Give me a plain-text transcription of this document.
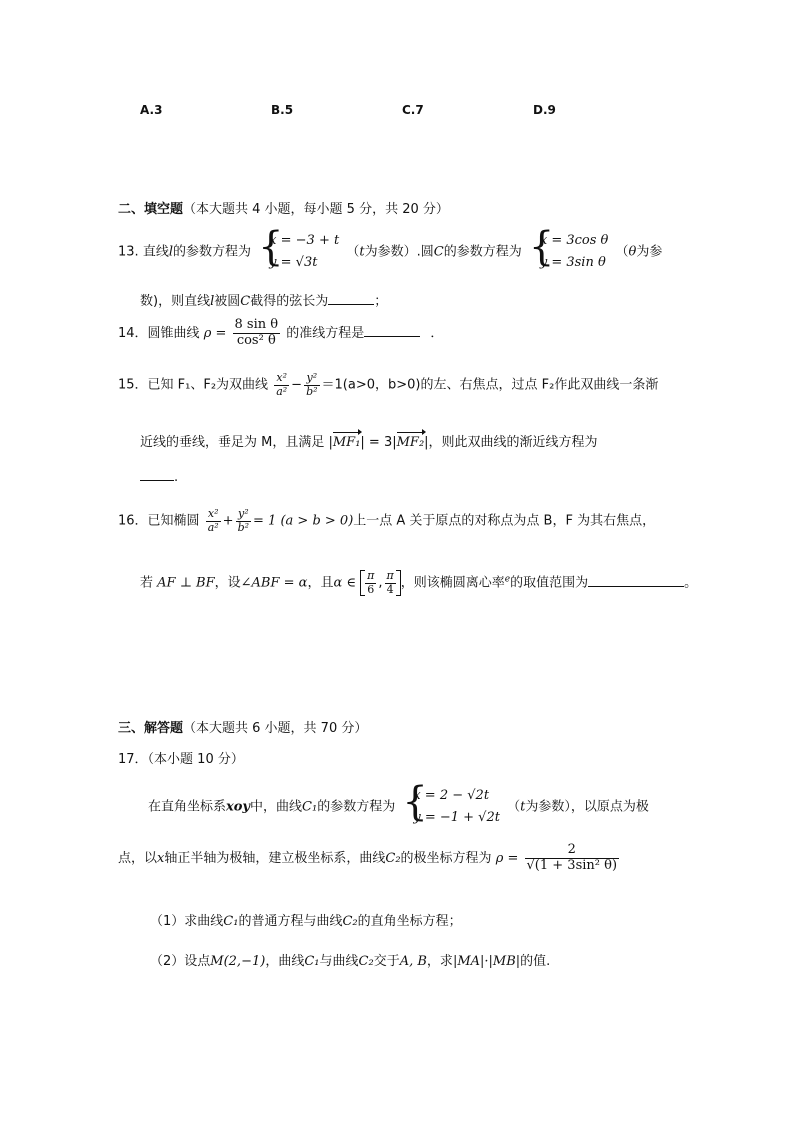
A.3	B.5	C.7	D.9
二、填空题（本大题共 4 小题，每小题 5 分，共 20 分）
13. 直线l的参数方程为 {
x = −3 + t
y = √3t
（t为参数）.圆C的参数方程为 {
x = 3cos θ
y = 3sin θ
（θ为参
数)，则直线l被圆C截得的弦长为	；
14．圆锥曲线 $\rho = \frac{\text{8 sin θ}}{\text{cos² θ}}$ 的准线方程是	．
15．已知 F₁、F₂为双曲线 $\frac{\text{x²}}{\text{a²}} - \frac{\text{y²}}{\text{b²}} =1(a>0$，b>0)的左、右焦点，过点 F₂作此双曲线一条渐
近线的垂线，垂足为 M，且满足 |MF₁| = 3|MF₂|，则此双曲线的渐近线方程为
.
16．已知椭圆 $\frac{\text{x²}}{\text{a²}} + \frac{\text{y²}}{\text{b²}} = 1$ (a > b > 0)上一点 A 关于原点的对称点为点 B，F 为其右焦点，
若 AF ⊥ BF，设∠ABF = α，且α ∈ $\frac{\pi}{6}$ , $\frac{\pi}{4}$ ，则该椭圆离心率$^e$的取值范围为	。
三、解答题（本大题共 6 小题，共 70 分）
17．（本小题 10 分）
在直角坐标系xoy中，曲线C₁的参数方程为 {
x = 2 − √2t
y = −1 + √2t
（t为参数），以原点为极
点，以x轴正半轴为极轴，建立极坐标系，曲线C₂的极坐标方程为 $\rho = \frac{2}{\text{√(1 + 3sin² θ)}}$
（1）求曲线C₁的普通方程与曲线C₂的直角坐标方程；
（2）设点M(2,−1)，曲线C₁与曲线C₂交于A, B，求|MA|·|MB|的值.
